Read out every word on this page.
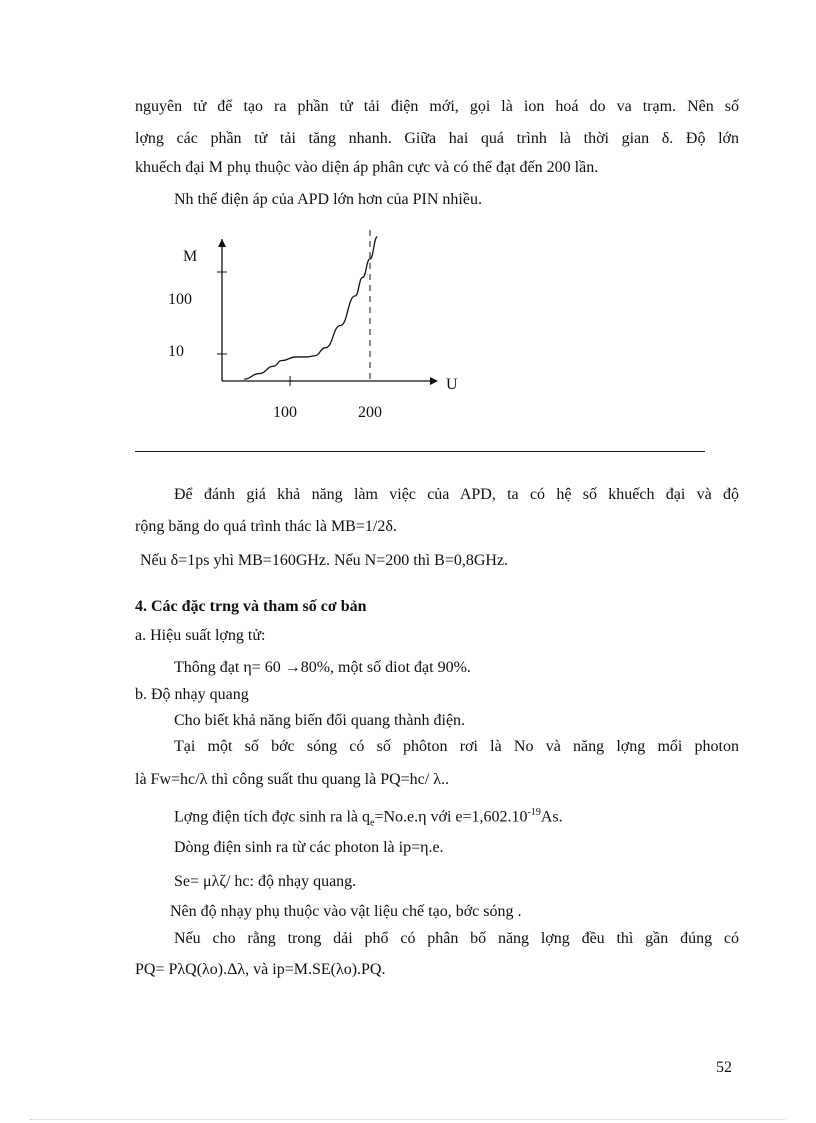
nguyên tử để tạo ra phần tử tải điện mới, gọi là ion hoá do va trạm. Nên số
lợng các phần tử tải tăng nhanh. Giữa hai quá trình là thời gian δ. Độ lớn
khuếch đại M phụ thuộc vào diện áp phân cực và có thể đạt đến 200 lần.
Nh thế điện áp của APD lớn hơn của PIN nhiều.
100
10
100	200
M
U
Để đánh giá khả năng làm việc của APD, ta có hệ số khuếch đại và độ
rộng băng do quá trình thác là MB=1/2δ.
Nếu δ=1ps yhì MB=160GHz. Nếu N=200 thì B=0,8GHz.
4. Các đặc trng và tham số cơ bản
a. Hiệu suất lợng tử:
Thông đạt η= 60 →80%, một số diot đạt 90%.
b. Độ nhạy quang
Cho biết khả năng biến đổi quang thành điện.
Tại một số bớc sóng có số phôton rơi là No và năng lợng mổi photon
là Fw=hc/λ thì công suất thu quang là PQ=hc/ λ..
Lợng điện tích đợc sinh ra là $q_e=No.e.\eta$ với $e=1,602.10^{-19}As$.
Dòng điện sinh ra từ các photon là ip=η.e.
Se= μλζ/ hc: độ nhạy quang.
Nên độ nhạy phụ thuộc vào vật liệu chế tạo, bớc sóng .
Nếu cho rằng trong dải phổ có phân bố năng lợng đều thì gần đúng có
PQ= PλQ(λo).Δλ, và ip=M.SE(λo).PQ.
52
